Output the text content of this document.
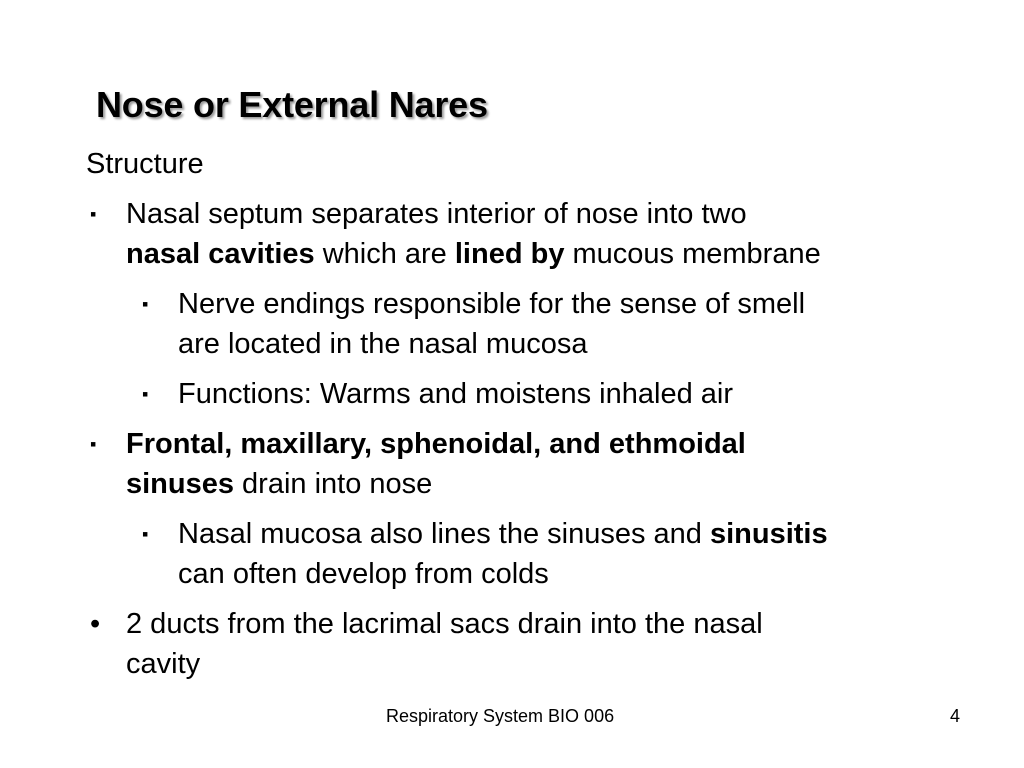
Nose or External Nares
Structure
▪ Nasal septum separates interior of nose into two
nasal cavities which are lined by mucous membrane
▪ Nerve endings responsible for the sense of smell
are located in the nasal mucosa
▪ Functions: Warms and moistens inhaled air
▪ Frontal, maxillary, sphenoidal, and ethmoidal
sinuses drain into nose
▪ Nasal mucosa also lines the sinuses and sinusitis
can often develop from colds
• 2 ducts from the lacrimal sacs drain into the nasal
cavity
Respiratory System BIO 006	4
